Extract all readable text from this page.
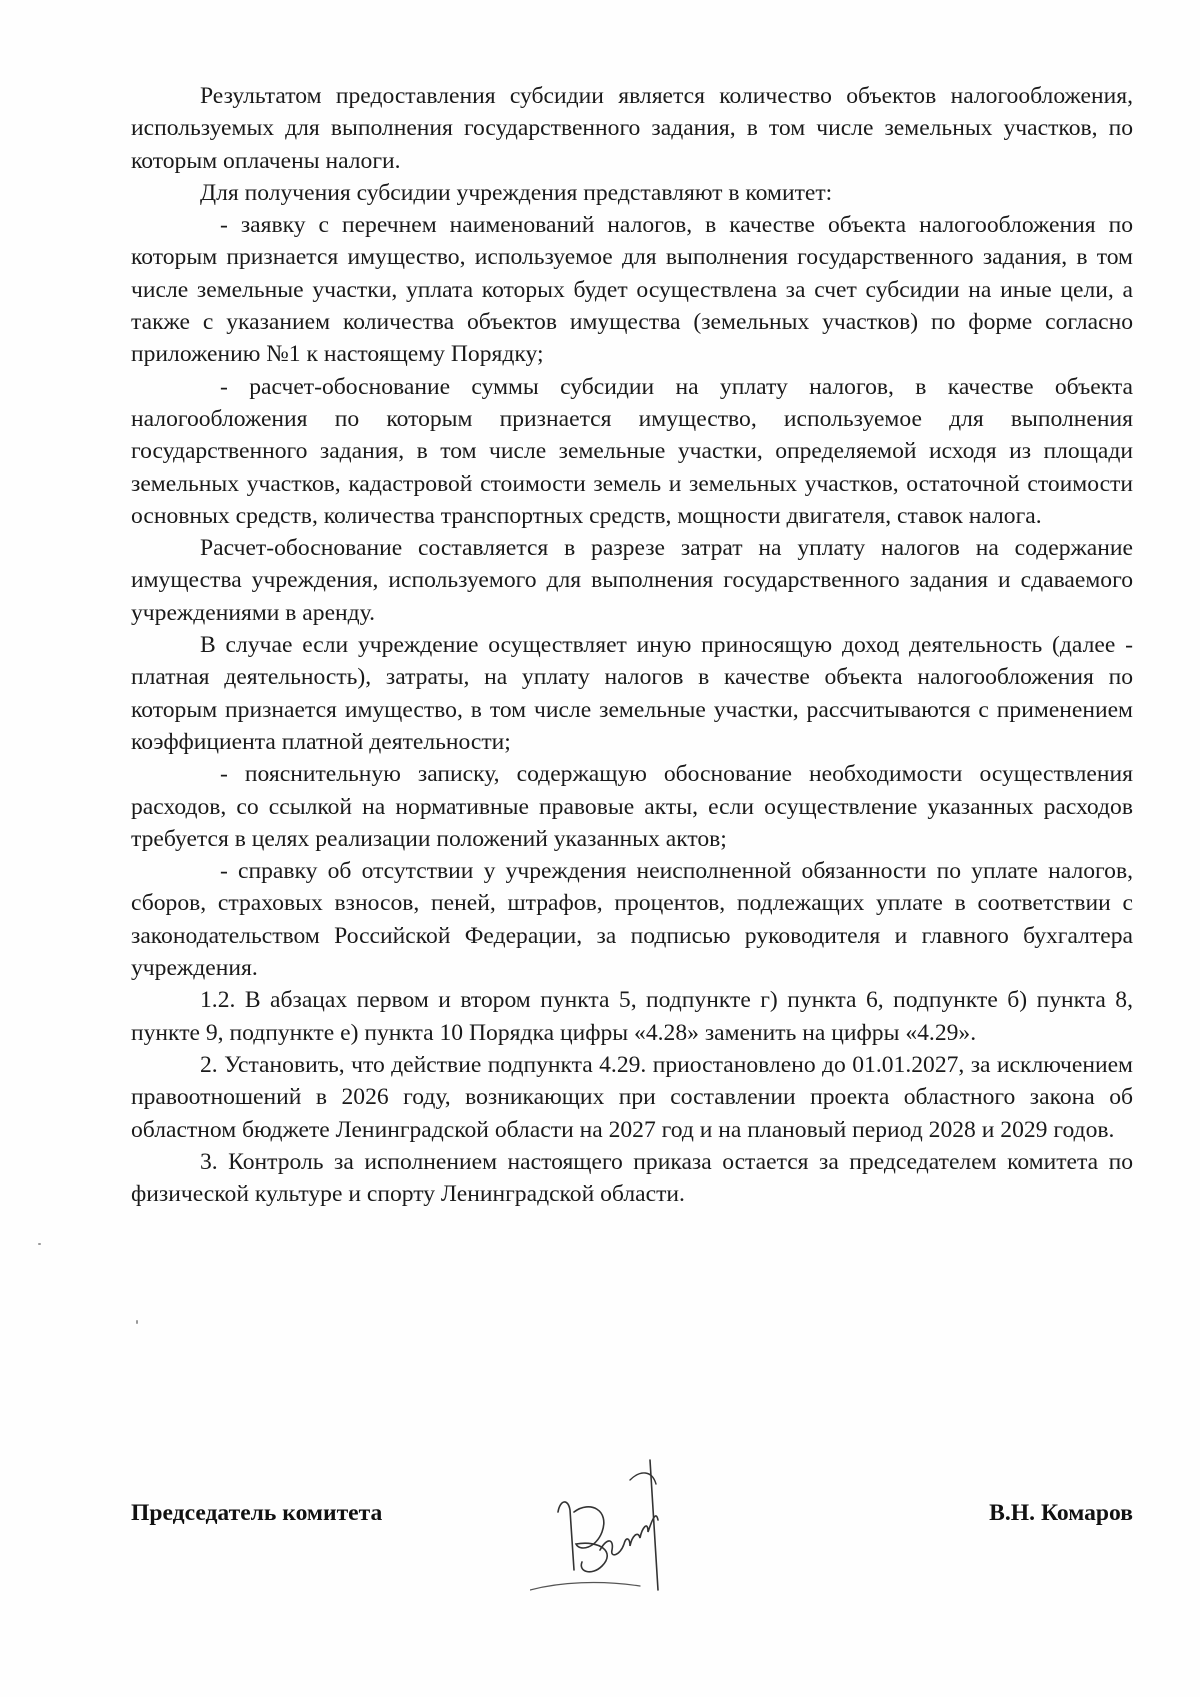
Результатом предоставления субсидии является количество объектов налогообложения, используемых для выполнения государственного задания, в том числе земельных участков, по которым оплачены налоги.

Для получения субсидии учреждения представляют в комитет:

- заявку с перечнем наименований налогов, в качестве объекта налогообложения по которым признается имущество, используемое для выполнения государственного задания, в том числе земельные участки, уплата которых будет осуществлена за счет субсидии на иные цели, а также с указанием количества объектов имущества (земельных участков) по форме согласно приложению №1 к настоящему Порядку;

- расчет-обоснование суммы субсидии на уплату налогов, в качестве объекта налогообложения по которым признается имущество, используемое для выполнения государственного задания, в том числе земельные участки, определяемой исходя из площади земельных участков, кадастровой стоимости земель и земельных участков, остаточной стоимости основных средств, количества транспортных средств, мощности двигателя, ставок налога.

Расчет-обоснование составляется в разрезе затрат на уплату налогов на содержание имущества учреждения, используемого для выполнения государственного задания и сдаваемого учреждениями в аренду.

В случае если учреждение осуществляет иную приносящую доход деятельность (далее - платная деятельность), затраты, на уплату налогов в качестве объекта налогообложения по которым признается имущество, в том числе земельные участки, рассчитываются с применением коэффициента платной деятельности;

- пояснительную записку, содержащую обоснование необходимости осуществления расходов, со ссылкой на нормативные правовые акты, если осуществление указанных расходов требуется в целях реализации положений указанных актов;

- справку об отсутствии у учреждения неисполненной обязанности по уплате налогов, сборов, страховых взносов, пеней, штрафов, процентов, подлежащих уплате в соответствии с законодательством Российской Федерации, за подписью руководителя и главного бухгалтера учреждения.

1.2. В абзацах первом и втором пункта 5, подпункте г) пункта 6, подпункте б) пункта 8, пункте 9, подпункте е) пункта 10 Порядка цифры «4.28» заменить на цифры «4.29».

2. Установить, что действие подпункта 4.29. приостановлено до 01.01.2027, за исключением правоотношений в 2026 году, возникающих при составлении проекта областного закона об областном бюджете Ленинградской области на 2027 год и на плановый период 2028 и 2029 годов.

3. Контроль за исполнением настоящего приказа остается за председателем комитета по физической культуре и спорту Ленинградской области.

Председатель комитета	В.Н. Комаров
